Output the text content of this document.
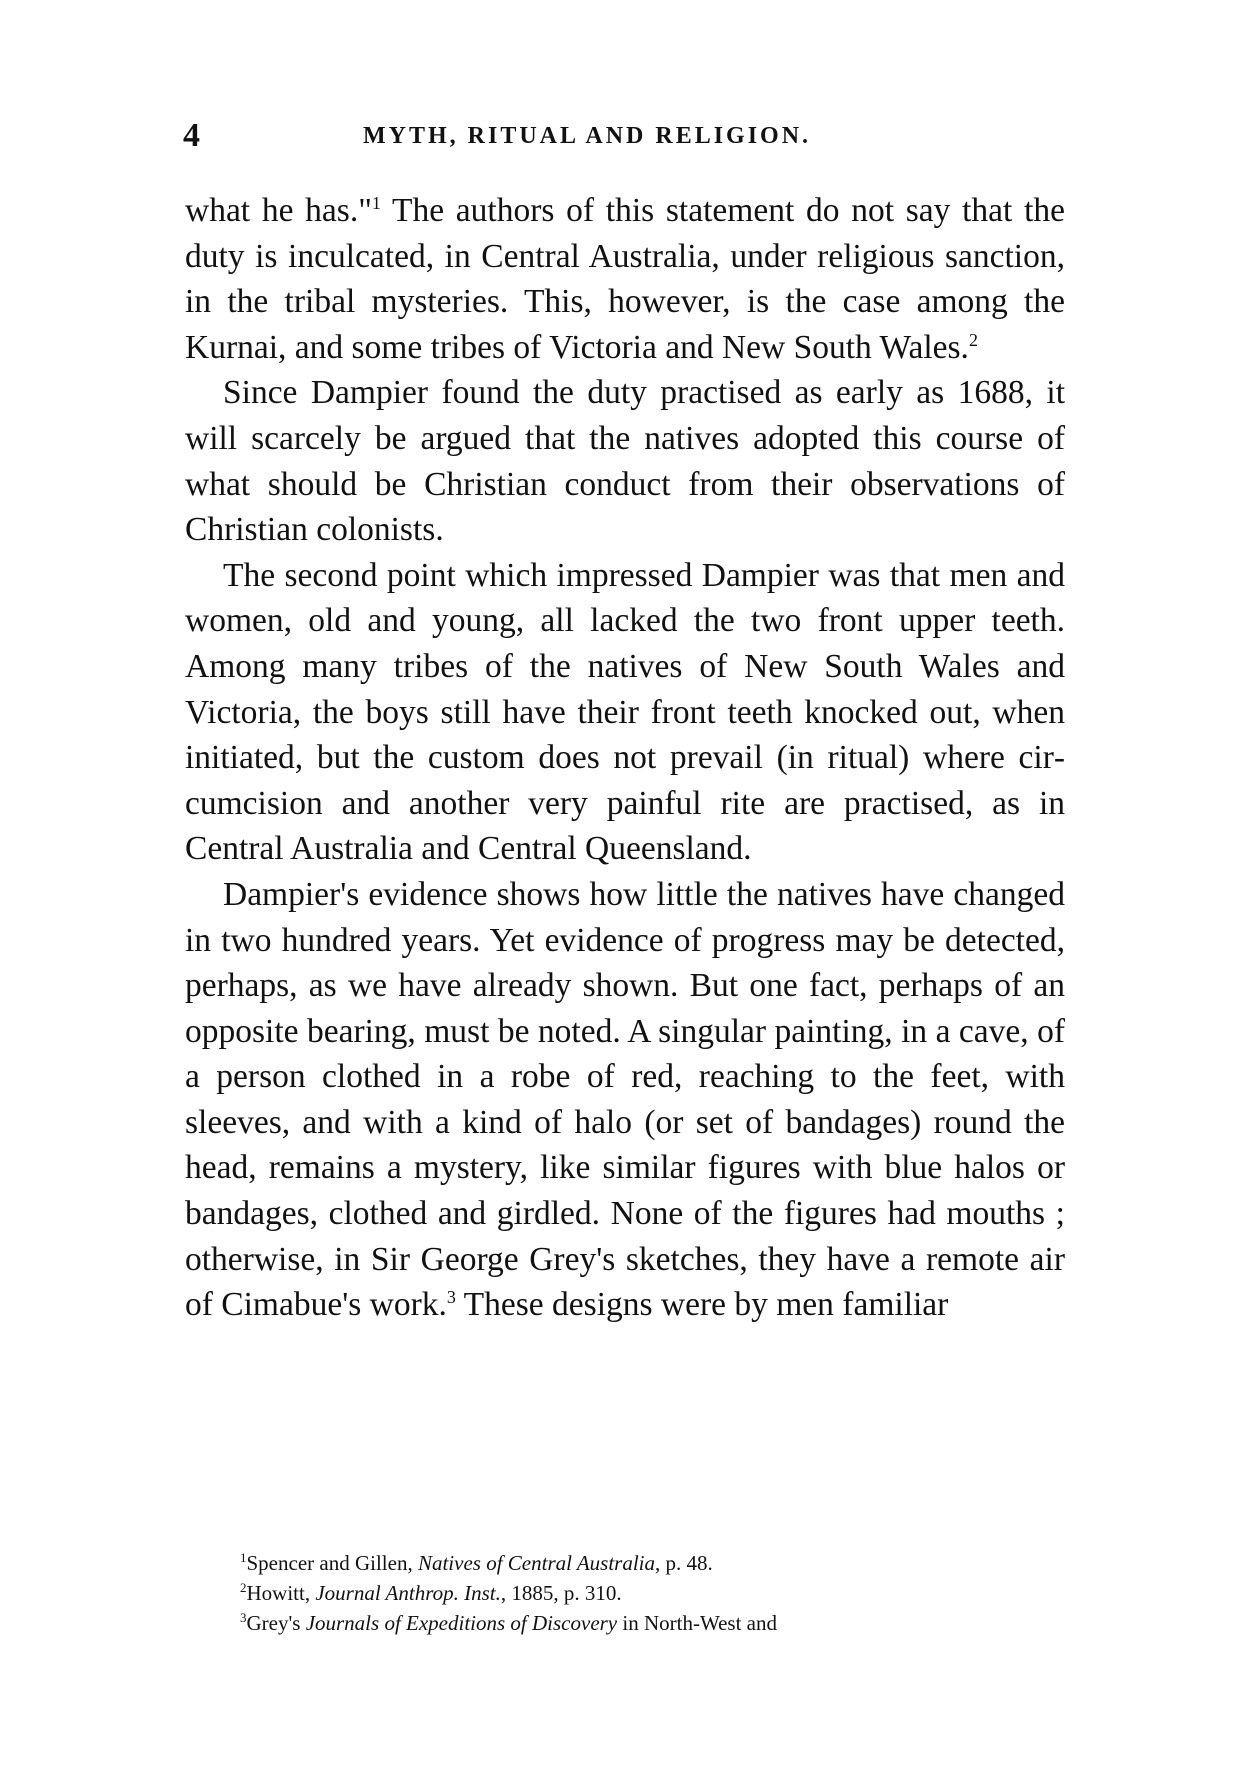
4	MYTH, RITUAL AND RELIGION.

what he has."$^1$ The authors of this statement do not say that the duty is inculcated, in Central Australia, under religious sanction, in the tribal mysteries. This, however, is the case among the Kurnai, and some tribes of Victoria and New South Wales.$^2$

Since Dampier found the duty practised as early as 1688, it will scarcely be argued that the natives adopted this course of what should be Christian conduct from their observations of Christian colonists.

The second point which impressed Dampier was that men and women, old and young, all lacked the two front upper teeth. Among many tribes of the natives of New South Wales and Victoria, the boys still have their front teeth knocked out, when initiated, but the custom does not prevail (in ritual) where circumcision and another very painful rite are practised, as in Central Australia and Central Queensland.

Dampier's evidence shows how little the natives have changed in two hundred years. Yet evidence of progress may be detected, perhaps, as we have already shown. But one fact, perhaps of an opposite bearing, must be noted. A singular painting, in a cave, of a person clothed in a robe of red, reaching to the feet, with sleeves, and with a kind of halo (or set of bandages) round the head, remains a mystery, like similar figures with blue halos or bandages, clothed and girdled. None of the figures had mouths ; otherwise, in Sir George Grey's sketches, they have a remote air of Cimabue's work.$^3$ These designs were by men familiar

$^1$Spencer and Gillen, Natives of Central Australia, p. 48.

$^2$Howitt, Journal Anthrop. Inst., 1885, p. 310.

$^3$Grey's Journals of Expeditions of Discovery in North-West and
